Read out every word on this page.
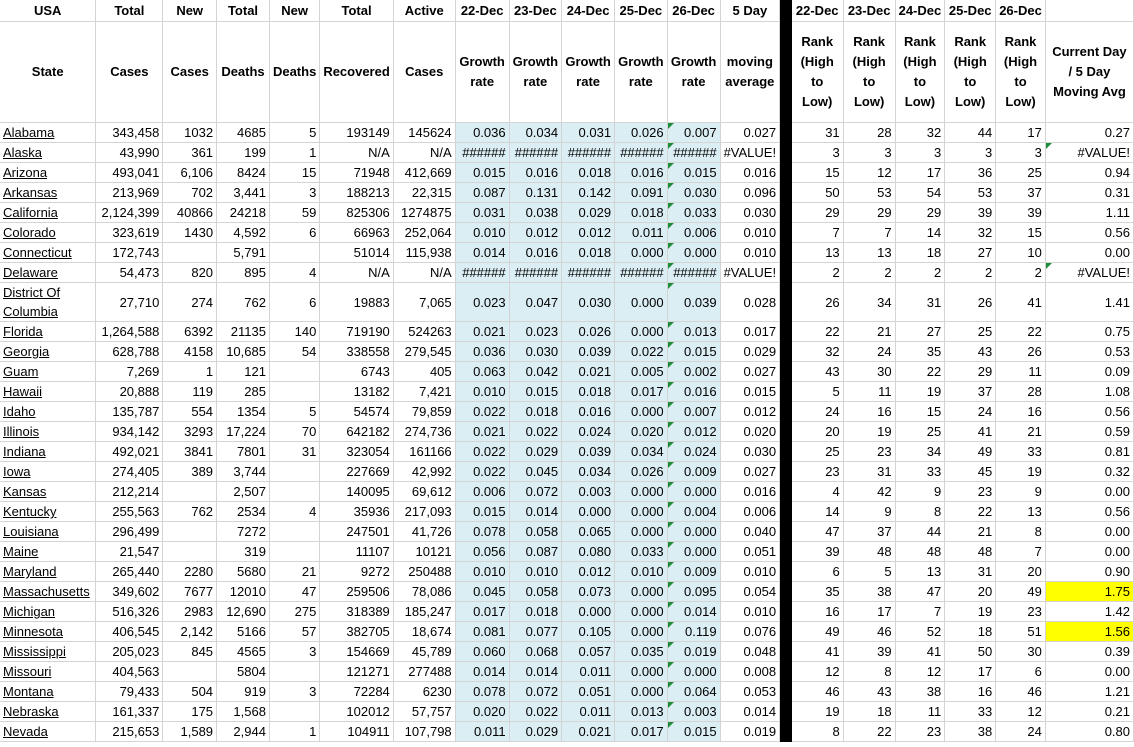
USA	Total	New	Total	New	Total	Active	22-Dec	23-Dec	24-Dec	25-Dec	26-Dec	5 Day		22-Dec	23-Dec	24-Dec	25-Dec	26-Dec	
State	Cases	Cases	Deaths	Deaths	Recovered	Cases	Growth rate	Growth rate	Growth rate	Growth rate	Growth rate	moving average		Rank (High to Low)	Rank (High to Low)	Rank (High to Low)	Rank (High to Low)	Rank (High to Low)	Current Day / 5 Day Moving Avg
Alabama	343,458	1032	4685	5	193149	145624	0.036	0.034	0.031	0.026	0.007	0.027		31	28	32	44	17	0.27
Alaska	43,990	361	199	1	N/A	N/A	######	######	######	######	######	#VALUE!		3	3	3	3	3	#VALUE!
Arizona	493,041	6,106	8424	15	71948	412,669	0.015	0.016	0.018	0.016	0.015	0.016		15	12	17	36	25	0.94
Arkansas	213,969	702	3,441	3	188213	22,315	0.087	0.131	0.142	0.091	0.030	0.096		50	53	54	53	37	0.31
California	2,124,399	40866	24218	59	825306	1274875	0.031	0.038	0.029	0.018	0.033	0.030		29	29	29	39	39	1.11
Colorado	323,619	1430	4,592	6	66963	252,064	0.010	0.012	0.012	0.011	0.006	0.010		7	7	14	32	15	0.56
Connecticut	172,743		5,791		51014	115,938	0.014	0.016	0.018	0.000	0.000	0.010		13	13	18	27	10	0.00
Delaware	54,473	820	895	4	N/A	N/A	######	######	######	######	######	#VALUE!		2	2	2	2	2	#VALUE!
District Of Columbia	27,710	274	762	6	19883	7,065	0.023	0.047	0.030	0.000	0.039	0.028		26	34	31	26	41	1.41
Florida	1,264,588	6392	21135	140	719190	524263	0.021	0.023	0.026	0.000	0.013	0.017		22	21	27	25	22	0.75
Georgia	628,788	4158	10,685	54	338558	279,545	0.036	0.030	0.039	0.022	0.015	0.029		32	24	35	43	26	0.53
Guam	7,269	1	121		6743	405	0.063	0.042	0.021	0.005	0.002	0.027		43	30	22	29	11	0.09
Hawaii	20,888	119	285		13182	7,421	0.010	0.015	0.018	0.017	0.016	0.015		5	11	19	37	28	1.08
Idaho	135,787	554	1354	5	54574	79,859	0.022	0.018	0.016	0.000	0.007	0.012		24	16	15	24	16	0.56
Illinois	934,142	3293	17,224	70	642182	274,736	0.021	0.022	0.024	0.020	0.012	0.020		20	19	25	41	21	0.59
Indiana	492,021	3841	7801	31	323054	161166	0.022	0.029	0.039	0.034	0.024	0.030		25	23	34	49	33	0.81
Iowa	274,405	389	3,744		227669	42,992	0.022	0.045	0.034	0.026	0.009	0.027		23	31	33	45	19	0.32
Kansas	212,214		2,507		140095	69,612	0.006	0.072	0.003	0.000	0.000	0.016		4	42	9	23	9	0.00
Kentucky	255,563	762	2534	4	35936	217,093	0.015	0.014	0.000	0.000	0.004	0.006		14	9	8	22	13	0.56
Louisiana	296,499		7272		247501	41,726	0.078	0.058	0.065	0.000	0.000	0.040		47	37	44	21	8	0.00
Maine	21,547		319		11107	10121	0.056	0.087	0.080	0.033	0.000	0.051		39	48	48	48	7	0.00
Maryland	265,440	2280	5680	21	9272	250488	0.010	0.010	0.012	0.010	0.009	0.010		6	5	13	31	20	0.90
Massachusetts	349,602	7677	12010	47	259506	78,086	0.045	0.058	0.073	0.000	0.095	0.054		35	38	47	20	49	1.75
Michigan	516,326	2983	12,690	275	318389	185,247	0.017	0.018	0.000	0.000	0.014	0.010		16	17	7	19	23	1.42
Minnesota	406,545	2,142	5166	57	382705	18,674	0.081	0.077	0.105	0.000	0.119	0.076		49	46	52	18	51	1.56
Mississippi	205,023	845	4565	3	154669	45,789	0.060	0.068	0.057	0.035	0.019	0.048		41	39	41	50	30	0.39
Missouri	404,563		5804		121271	277488	0.014	0.014	0.011	0.000	0.000	0.008		12	8	12	17	6	0.00
Montana	79,433	504	919	3	72284	6230	0.078	0.072	0.051	0.000	0.064	0.053		46	43	38	16	46	1.21
Nebraska	161,337	175	1,568		102012	57,757	0.020	0.022	0.011	0.013	0.003	0.014		19	18	11	33	12	0.21
Nevada	215,653	1,589	2,944	1	104911	107,798	0.011	0.029	0.021	0.017	0.015	0.019		8	22	23	38	24	0.80
